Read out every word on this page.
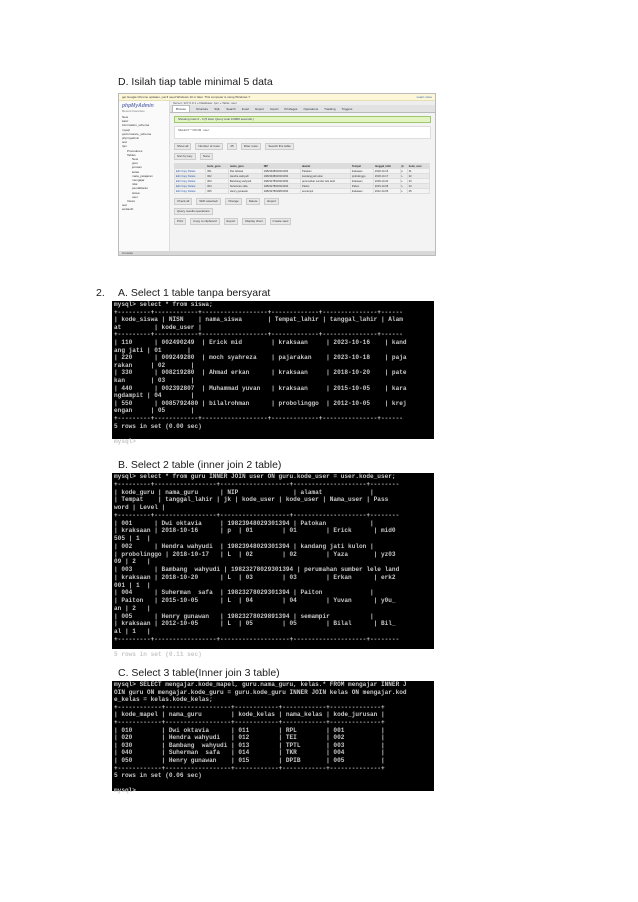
D. Isilah tiap table minimal 5 data
2. A. Select 1 table tanpa bersyarat
B. Select 2 table (inner join 2 table)
C. Select 3 table(Inner join 3 table)
get Google Chrome updates, you'll need Windows 10 or later. This computer is using Windows 7.	Learn more
phpMyAdmin
Recent Favorites
New
kasir
information_schema
mysql
performance_schema
phpmyadmin
test
tpm
Procedures
Tables
New
guru
jurusan
kelas
mata_pelajaran
mengajar
nilai
pendaftaran
siswa
user
Views
test
webauth
Server: 127.0.0.1 » Database: tpm » Table: user
Browse	Structure SQL Search Insert Export Import Privileges Operations Tracking Triggers
Showing rows 0 - 4 (5 total, Query took 0.0006 seconds.)
SELECT * FROM `user`
Show all	Number of rows:	25	Filter rows:	Search this table
Sort by key:	None
	kode_guru	nama_guru	NIP	alamat	Tempat	tanggal_lahir	jk	kode_user
Edit Copy Delete	001	Dwi oktavia	19823948029301394	Patokan	kraksaan	2018-10-16	p	01
Edit Copy Delete	002	Hendra wahyudi	19823948029301394	kandang jati kulon	probolinggo	2018-10-17	L	02
Edit Copy Delete	003	Bambang wahyudi	19823278029301394	perumahan sumber lele land	kraksaan	2018-10-20	L	03
Edit Copy Delete	004	Suherman safa	19823278029301394	Paiton	Paiton	2015-10-05	L	04
Edit Copy Delete	005	Henry gunawan	19823278029891394	semampir	kraksaan	2012-10-05	L	05
Check all	With selected:	Change	Delete	Export
Query results operations
Print	Copy to clipboard	Export	Display chart	Create view
Console
mysql> select * from siswa;
+---------+------------+------------------+-------------+---------------+------
| kode_siswa | NISN    | nama_siswa       | Tempat_lahir | tanggal_lahir | Alam
at         | kode_user |
+---------+------------+------------------+-------------+---------------+------
| 110      | 002490249  | Erick mid        | kraksaan     | 2023-10-16    | kand
ang jati | 01       |
| 220      | 009249280  | moch syahreza    | pajarakan    | 2023-10-18    | paja
rakan     | 02       |
| 330      | 008219280  | Ahmad erkan      | kraksaan     | 2018-10-20    | pate
kan       | 03       |
| 440      | 002392807  | Muhammad yuvan   | kraksaan     | 2015-10-05    | kara
ngdampit | 04        |
| 550      | 0085792480 | bilalrohman      | probolinggo  | 2012-10-05    | krej
engan     | 05       |
+---------+------------+------------------+-------------+---------------+------
5 rows in set (0.00 sec)

mysql>

mysql> select * from guru INNER JOIN user ON guru.kode_user = user.kode_user;
+---------+-----------------+-------------------+--------------------+--------
| kode_guru | nama_guru      | NIP               | alamat             |
| Tempat    | tanggal_lahir | jk | kode_user | kode_user | Nama_user | Pass
word | Level |
+---------+-----------------+-------------------+--------------------+--------
| 001      | Dwi oktavia     | 19823948029301394 | Patokan            |
| kraksaan | 2018-10-16      | p  | 01        | 01        | Erick      | mid0
505 | 1  |
| 002      | Hendra wahyudi  | 19823948029301394 | kandang jati kulon |
| probolinggo | 2018-10-17   | L  | 02        | 02        | Yaza       | yz03
09 | 2   |
| 003      | Bambang  wahyudi | 19823278029301394 | perumahan sumber lele land
| kraksaan | 2018-10-20      | L  | 03        | 03        | Erkan      | erk2
001 | 1  |
| 004      | Suherman  safa  | 19823278029301394 | Paiton             |
| Paiton   | 2015-10-05      | L  | 04        | 04        | Yuvan      | y0u_
an | 2   |
| 005      | Henry gunawan   | 19823278029891394 | semampir           |
| kraksaan | 2012-10-05      | L  | 05        | 05        | Bilal      | Bil_
al | 1   |
+---------+-----------------+-------------------+--------------------+--------

5 rows in set (0.11 sec)

mysql> SELECT mengajar.kode_mapel, guru.nama_guru, kelas.* FROM mengajar INNER J
OIN guru ON mengajar.kode_guru = guru.kode_guru INNER JOIN kelas ON mengajar.kod
e_kelas = kelas.kode_kelas;
+------------+------------------+------------+------------+--------------+
| kode_mapel | nama_guru        | kode_kelas | nama_kelas | kode_jurusan |
+------------+------------------+------------+------------+--------------+
| 010        | Dwi oktavia      | 011        | RPL        | 001          |
| 020        | Hendra wahyudi   | 012        | TEI        | 002          |
| 030        | Bambang  wahyudi | 013        | TPTL       | 003          |
| 040        | Suherman  safa   | 014        | TKR        | 004          |
| 050        | Henry gunawan    | 015        | DPIB       | 005          |
+------------+------------------+------------+------------+--------------+
5 rows in set (0.06 sec)

mysql>
